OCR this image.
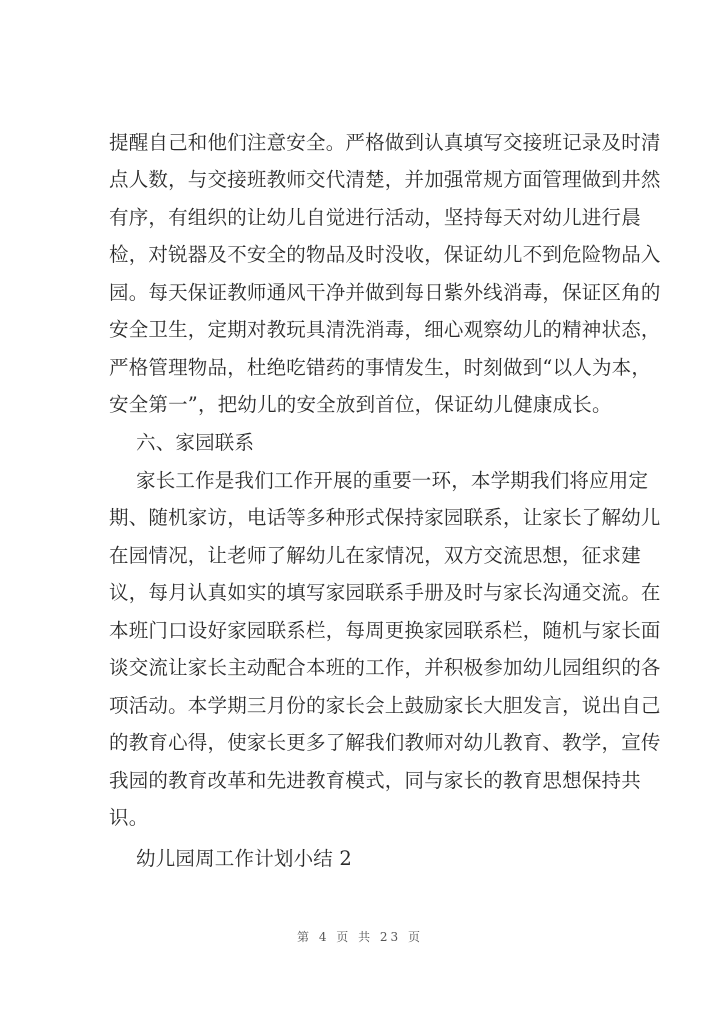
提醒自己和他们注意安全。严格做到认真填写交接班记录及时清
点人数，与交接班教师交代清楚，并加强常规方面管理做到井然
有序，有组织的让幼儿自觉进行活动，坚持每天对幼儿进行晨
检，对锐器及不安全的物品及时没收，保证幼儿不到危险物品入
园。每天保证教师通风干净并做到每日紫外线消毒，保证区角的
安全卫生，定期对教玩具清洗消毒，细心观察幼儿的精神状态，
严格管理物品，杜绝吃错药的事情发生，时刻做到“以人为本，
安全第一”，把幼儿的安全放到首位，保证幼儿健康成长。
六、家园联系
家长工作是我们工作开展的重要一环，本学期我们将应用定
期、随机家访，电话等多种形式保持家园联系，让家长了解幼儿
在园情况，让老师了解幼儿在家情况，双方交流思想，征求建
议，每月认真如实的填写家园联系手册及时与家长沟通交流。在
本班门口设好家园联系栏，每周更换家园联系栏，随机与家长面
谈交流让家长主动配合本班的工作，并积极参加幼儿园组织的各
项活动。本学期三月份的家长会上鼓励家长大胆发言，说出自己
的教育心得，使家长更多了解我们教师对幼儿教育、教学，宣传
我园的教育改革和先进教育模式，同与家长的教育思想保持共
识。
幼儿园周工作计划小结 2
第 4 页 共 23 页
